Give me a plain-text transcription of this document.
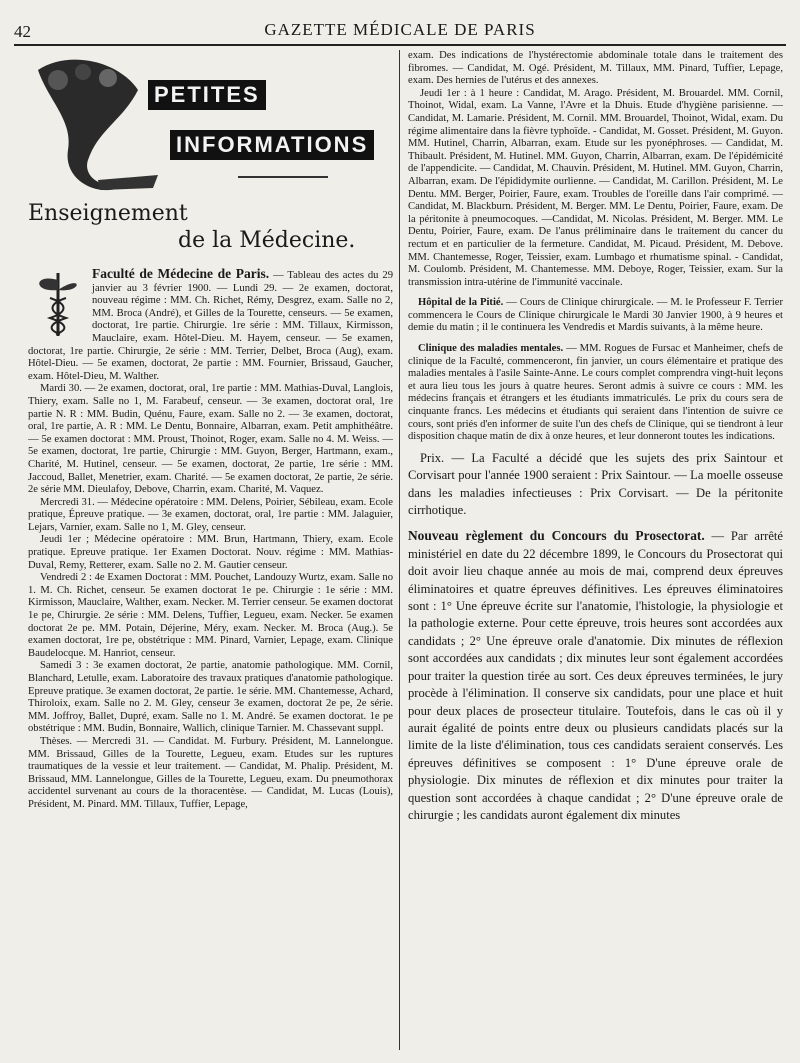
42	GAZETTE MÉDICALE DE PARIS
PETITES
INFORMATIONS
Enseignement
de la Médecine.

Faculté de Médecine de Paris. — Tableau des actes du 29 janvier au 3 février 1900. — Lundi 29. — 2e examen, doctorat, nouveau régime : MM. Ch. Richet, Rémy, Desgrez, exam. Salle no 2, MM. Broca (André), et Gilles de la Tourette, censeurs. — 5e examen, doctorat, 1re partie. Chirurgie. 1re série : MM. Tillaux, Kirmisson, Mauclaire, exam. Hôtel-Dieu. M. Hayem, censeur. — 5e examen, doctorat, 1re partie. Chirurgie, 2e série : MM. Terrier, Delbet, Broca (Aug), exam. Hôtel-Dieu. — 5e examen, doctorat, 2e partie : MM. Fournier, Brissaud, Gaucher, exam. Hôtel-Dieu, M. Walther.

Mardi 30. — 2e examen, doctorat, oral, 1re partie : MM. Mathias-Duval, Langlois, Thiery, exam. Salle no 1, M. Farabeuf, censeur. — 3e examen, doctorat oral, 1re partie N. R : MM. Budin, Quénu, Faure, exam. Salle no 2. — 3e examen, doctorat, oral, 1re partie, A. R : MM. Le Dentu, Bonnaire, Albarran, exam. Petit amphithéâtre. — 5e examen doctorat : MM. Proust, Thoinot, Roger, exam. Salle no 4. M. Weiss. — 5e examen, doctorat, 1re partie, Chirurgie : MM. Guyon, Berger, Hartmann, exam., Charité, M. Hutinel, censeur. — 5e examen, doctorat, 2e partie, 1re série : MM. Jaccoud, Ballet, Menetrier, exam. Charité. — 5e examen doctorat, 2e partie, 2e série. 2e série MM. Dieulafoy, Debove, Charrin, exam. Charité, M. Vaquez.

Mercredi 31. — Médecine opératoire : MM. Delens, Poirier, Sébileau, exam. Ecole pratique, Épreuve pratique. — 3e examen, doctorat, oral, 1re partie : MM. Jalaguier, Lejars, Varnier, exam. Salle no 1, M. Gley, censeur.

Jeudi 1er ; Médecine opératoire : MM. Brun, Hartmann, Thiery, exam. Ecole pratique. Epreuve pratique. 1er Examen Doctorat. Nouv. régime : MM. Mathias-Duval, Remy, Retterer, exam. Salle no 2. M. Gautier censeur.

Vendredi 2 : 4e Examen Doctorat : MM. Pouchet, Landouzy Wurtz, exam. Salle no 1. M. Ch. Richet, censeur. 5e examen doctorat 1e pe. Chirurgie : 1e série : MM. Kirmisson, Mauclaire, Walther, exam. Necker. M. Terrier censeur. 5e examen doctorat 1e pe, Chirurgie. 2e série : MM. Delens, Tuffier, Legueu, exam. Necker. 5e examen doctorat 2e pe. MM. Potain, Déjerine, Méry, exam. Necker. M. Broca (Aug.). 5e examen doctorat, 1re pe, obstétrique : MM. Pinard, Varnier, Lepage, exam. Clinique Baudelocque. M. Hanriot, censeur.

Samedi 3 : 3e examen doctorat, 2e partie, anatomie pathologique. MM. Cornil, Blanchard, Letulle, exam. Laboratoire des travaux pratiques d'anatomie pathologique. Epreuve pratique. 3e examen doctorat, 2e partie. 1e série. MM. Chantemesse, Achard, Thiroloix, exam. Salle no 2. M. Gley, censeur 3e examen, doctorat 2e pe, 2e série. MM. Joffroy, Ballet, Dupré, exam. Salle no 1. M. André. 5e examen doctorat. 1e pe obstétrique : MM. Budin, Bonnaire, Wallich, clinique Tarnier. M. Chassevant suppl.

Thèses. — Mercredi 31. — Candidat. M. Furbury. Président, M. Lannelongue. MM. Brissaud, Gilles de la Tourette, Legueu, exam. Etudes sur les ruptures traumatiques de la vessie et leur traitement. — Candidat, M. Phalip. Président, M. Brissaud, MM. Lannelongue, Gilles de la Tourette, Legueu, exam. Du pneumothorax accidentel survenant au cours de la thoracentèse. — Candidat, M. Lucas (Louis), Président, M. Pinard. MM. Tillaux, Tuffier, Lepage,

exam. Des indications de l'hystérectomie abdominale totale dans le traitement des fibromes. — Candidat, M. Ogé. Président, M. Tillaux, MM. Pinard, Tuffier, Lepage, exam. Des hernies de l'utérus et des annexes.

Jeudi 1er : à 1 heure : Candidat, M. Arago. Président, M. Brouardel. MM. Cornil, Thoinot, Widal, exam. La Vanne, l'Avre et la Dhuis. Etude d'hygiène parisienne. — Candidat, M. Lamarie. Président, M. Cornil. MM. Brouardel, Thoinot, Widal, exam. Du régime alimentaire dans la fièvre typhoïde. - Candidat, M. Gosset. Président, M. Guyon. MM. Hutinel, Charrin, Albarran, exam. Etude sur les pyonéphroses. — Candidat, M. Thibault. Président, M. Hutinel. MM. Guyon, Charrin, Albarran, exam. De l'épidémicité de l'appendicite. — Candidat, M. Chauvin. Président, M. Hutinel. MM. Guyon, Charrin, Albarran, exam. De l'épididymite ourlienne. — Candidat, M. Carillon. Président, M. Le Dentu. MM. Berger, Poirier, Faure, exam. Troubles de l'oreille dans l'air comprimé. — Candidat, M. Blackburn. Président, M. Berger. MM. Le Dentu, Poirier, Faure, exam. De la péritonite à pneumocoques. —Candidat, M. Nicolas. Président, M. Berger. MM. Le Dentu, Poirier, Faure, exam. De l'anus préliminaire dans le traitement du cancer du rectum et en particulier de la fermeture. Candidat, M. Picaud. Président, M. Debove. MM. Chantemesse, Roger, Teissier, exam. Lumbago et rhumatisme spinal. - Candidat, M. Coulomb. Président, M. Chantemesse. MM. Deboye, Roger, Teissier, exam. Sur la transmission intra-utérine de l'immunité vaccinale.

Hôpital de la Pitié. — Cours de Clinique chirurgicale. — M. le Professeur F. Terrier commencera le Cours de Clinique chirurgicale le Mardi 30 Janvier 1900, à 9 heures et demie du matin ; il le continuera les Vendredis et Mardis suivants, à la même heure.

Clinique des maladies mentales. — MM. Rogues de Fursac et Manheimer, chefs de clinique de la Faculté, commenceront, fin janvier, un cours élémentaire et pratique des maladies mentales à l'asile Sainte-Anne. Le cours complet comprendra vingt-huit leçons et aura lieu tous les jours à quatre heures. Seront admis à suivre ce cours : MM. les médecins français et étrangers et les étudiants immatriculés. Le prix du cours sera de cinquante francs. Les médecins et étudiants qui seraient dans l'intention de suivre ce cours, sont priés d'en informer de suite l'un des chefs de Clinique, qui se tiendront à leur disposition chaque matin de dix à onze heures, et leur donneront toutes les indications.

Prix. — La Faculté a décidé que les sujets des prix Saintour et Corvisart pour l'année 1900 seraient : Prix Saintour. — La moelle osseuse dans les maladies infectieuses : Prix Corvisart. — De la péritonite cirrhotique.

Nouveau règlement du Concours du Prosectorat. — Par arrêté ministériel en date du 22 décembre 1899, le Concours du Prosectorat qui doit avoir lieu chaque année au mois de mai, comprend deux épreuves éliminatoires et quatre épreuves définitives. Les épreuves éliminatoires sont : 1° Une épreuve écrite sur l'anatomie, l'histologie, la physiologie et la pathologie externe. Pour cette épreuve, trois heures sont accordées aux candidats ; 2° Une épreuve orale d'anatomie. Dix minutes de réflexion sont accordées aux candidats ; dix minutes leur sont également accordées pour traiter la question tirée au sort. Ces deux épreuves terminées, le jury procède à l'élimination. Il conserve six candidats, pour une place et huit pour deux places de prosecteur titulaire. Toutefois, dans le cas où il y aurait égalité de points entre deux ou plusieurs candidats placés sur la limite de la liste d'élimination, tous ces candidats seraient conservés. Les épreuves définitives se composent : 1° D'une épreuve orale de physiologie. Dix minutes de réflexion et dix minutes pour traiter la question sont accordées à chaque candidat ; 2° D'une épreuve orale de chirurgie ; les candidats auront également dix minutes
